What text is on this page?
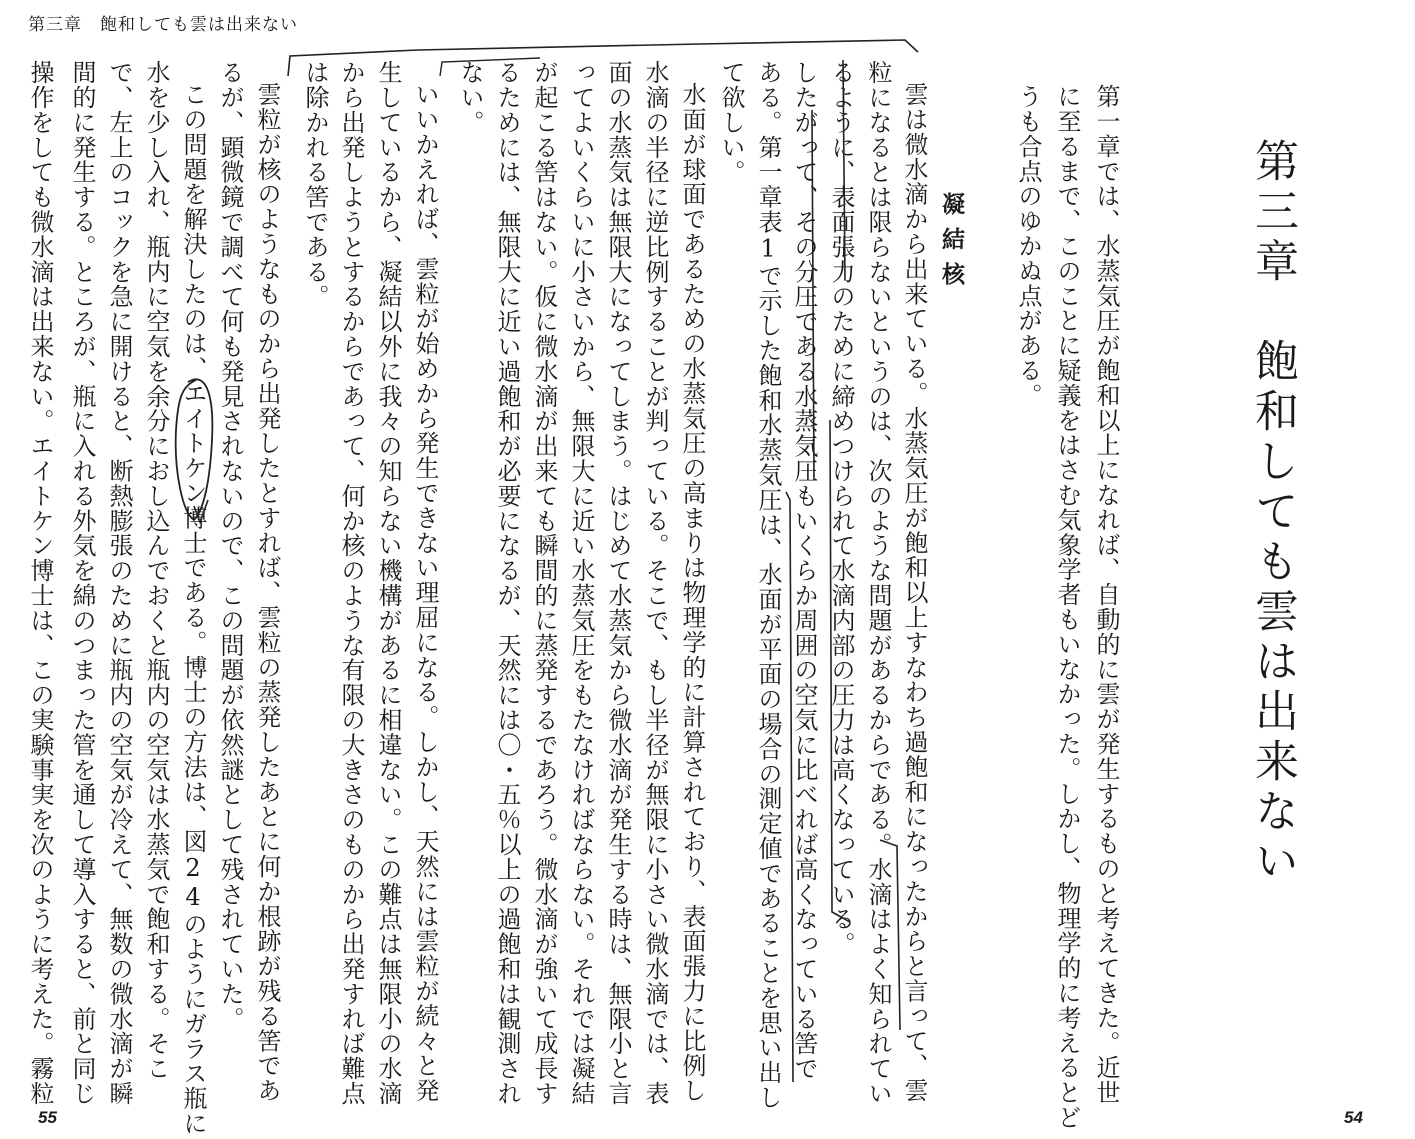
第三章　飽和しても雲は出来ない
第三章　飽和しても雲は出来ない
第一章では、水蒸気圧が飽和以上になれば、自動的に雲が発生するものと考えてきた。近世
に至るまで、このことに疑義をはさむ気象学者もいなかった。しかし、物理学的に考えるとど
うも合点のゆかぬ点がある。
凝結核
雲は微水滴から出来ている。水蒸気圧が飽和以上すなわち過飽和になったからと言って、雲
粒になるとは限らないというのは、次のような問題があるからである。水滴はよく知られてい
るように、表面張力のために締めつけられて水滴内部の圧力は高くなっている。
したがって、その分圧である水蒸気圧もいくらか周囲の空気に比べれば高くなっている筈で
ある。第一章表1で示した飽和水蒸気圧は、水面が平面の場合の測定値であることを思い出し
て欲しい。
水面が球面であるための水蒸気圧の高まりは物理学的に計算されており、表面張力に比例し
水滴の半径に逆比例することが判っている。そこで、もし半径が無限に小さい微水滴では、表
面の水蒸気は無限大になってしまう。はじめて水蒸気から微水滴が発生する時は、無限小と言
ってよいくらいに小さいから、無限大に近い水蒸気圧をもたなければならない。それでは凝結
が起こる筈はない。仮に微水滴が出来ても瞬間的に蒸発するであろう。微水滴が強いて成長す
るためには、無限大に近い過飽和が必要になるが、天然には〇・五％以上の過飽和は観測され
ない。
いいかえれば、雲粒が始めから発生できない理屈になる。しかし、天然には雲粒が続々と発
生しているから、凝結以外に我々の知らない機構があるに相違ない。この難点は無限小の水滴
から出発しようとするからであって、何か核のような有限の大きさのものから出発すれば難点
は除かれる筈である。
雲粒が核のようなものから出発したとすれば、雲粒の蒸発したあとに何か根跡が残る筈であ
るが、顕微鏡で調べて何も発見されないので、この問題が依然謎として残されていた。
この問題を解決したのは、エイトケン博士である。博士の方法は、図24のようにガラス瓶に
水を少し入れ、瓶内に空気を余分におし込んでおくと瓶内の空気は水蒸気で飽和する。そこ
で、左上のコックを急に開けると、断熱膨張のために瓶内の空気が冷えて、無数の微水滴が瞬
間的に発生する。ところが、瓶に入れる外気を綿のつまった管を通して導入すると、前と同じ
操作をしても微水滴は出来ない。エイトケン博士は、この実験事実を次のように考えた。霧粒
55	54
